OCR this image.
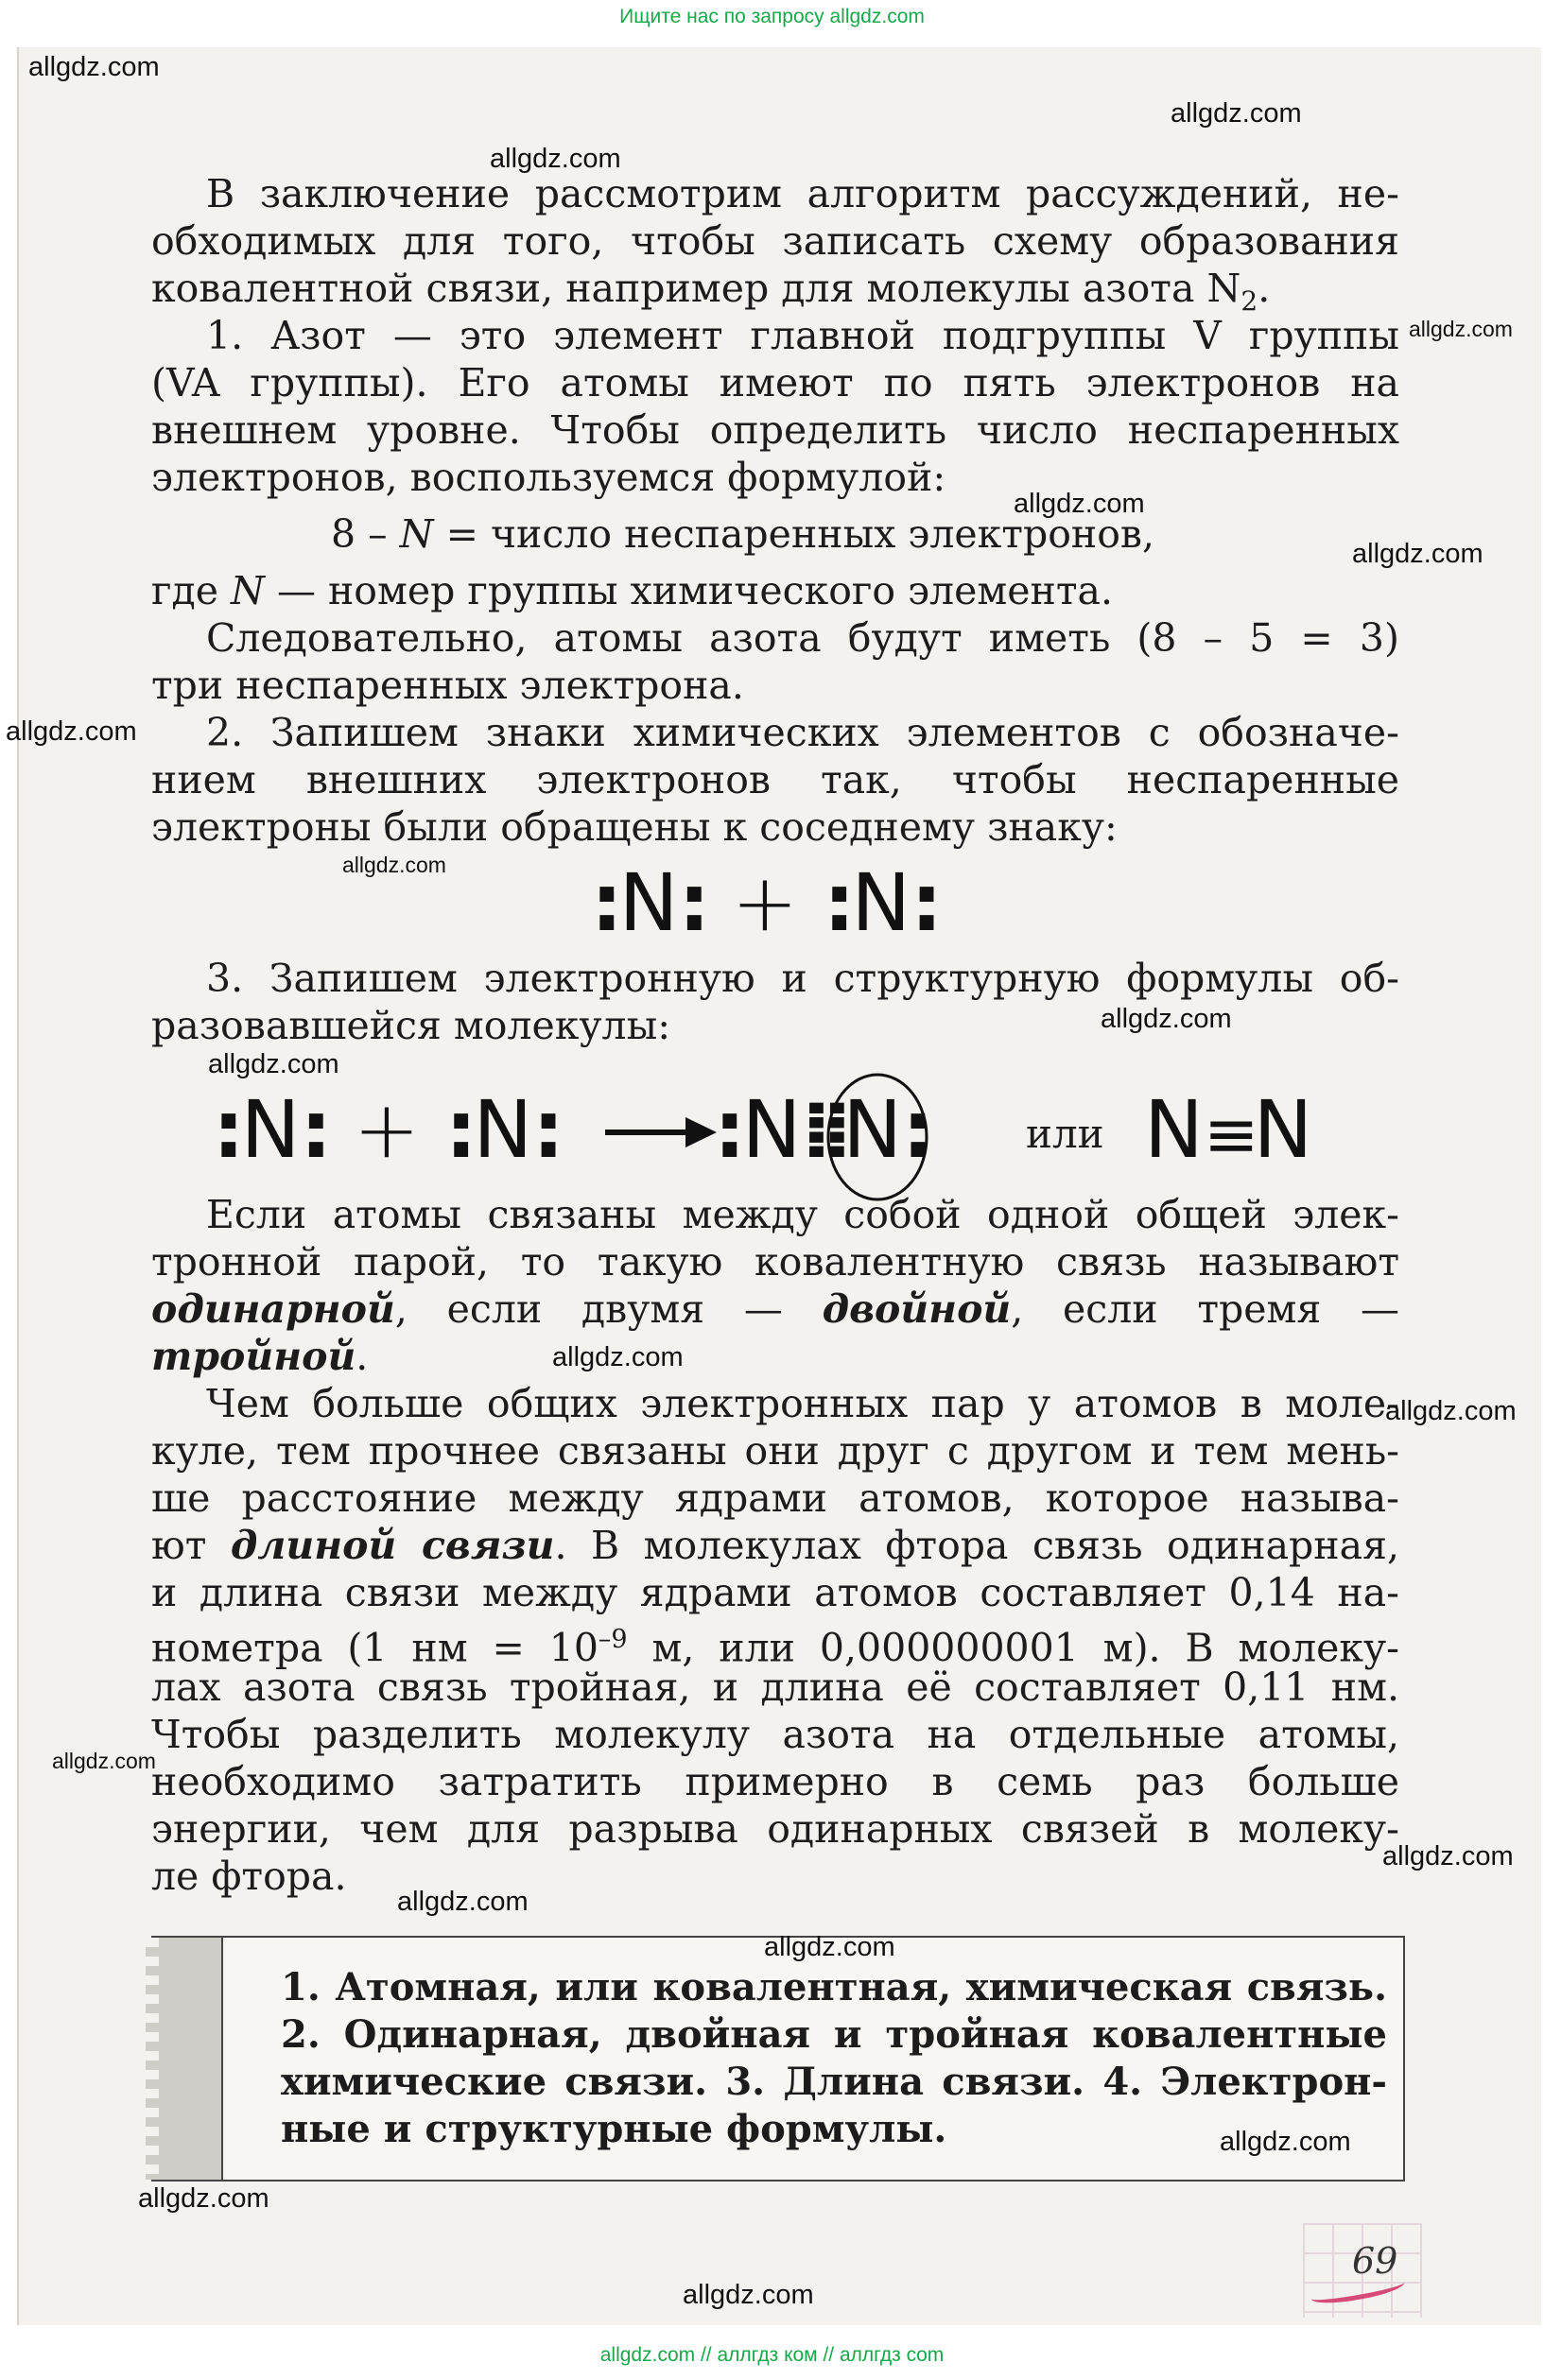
Ищите нас по запросу allgdz.com
В заключение рассмотрим алгоритм рассуждений, не-
обходимых для того, чтобы записать схему образования
ковалентной связи, например для молекулы азота $N_2$.
1. Азот — это элемент главной подгруппы V группы
(VA группы). Его атомы имеют по пять электронов на
внешнем уровне. Чтобы определить число неспаренных
электронов, воспользуемся формулой:
8 – N = число неспаренных электронов,
где N — номер группы химического элемента.
Следовательно, атомы азота будут иметь (8 – 5 = 3)
три неспаренных электрона.
2. Запишем знаки химических элементов с обозначе-
нием внешних электронов так, чтобы неспаренные
электроны были обращены к соседнему знаку:
:N: + :N:
3. Запишем электронную и структурную формулы об-
разовавшейся молекулы:
:N: + :N: :N⁞⁞N: или N≡N
Если атомы связаны между собой одной общей элек-
тронной парой, то такую ковалентную связь называют
одинарной, если двумя — двойной, если тремя —
тройной.
Чем больше общих электронных пар у атомов в моле-
куле, тем прочнее связаны они друг с другом и тем мень-
ше расстояние между ядрами атомов, которое называ-
ют длиной связи. В молекулах фтора связь одинарная,
и длина связи между ядрами атомов составляет 0,14 на-
нометра (1 нм = $10^{-9}$ м, или 0,000000001 м). В молеку-
лах азота связь тройная, и длина её составляет 0,11 нм.
Чтобы разделить молекулу азота на отдельные атомы,
необходимо затратить примерно в семь раз больше
энергии, чем для разрыва одинарных связей в молеку-
ле фтора.
1. Атомная, или ковалентная, химическая связь.
2. Одинарная, двойная и тройная ковалентные
химические связи. 3. Длина связи. 4. Электрон-
ные и структурные формулы.
69
allgdz.com
allgdz.com
allgdz.com
allgdz.com
allgdz.com
allgdz.com
allgdz.com
allgdz.com
allgdz.com
allgdz.com
allgdz.com
allgdz.com
allgdz.com
allgdz.com
allgdz.com
allgdz.com
allgdz.com
allgdz.com
allgdz.com
allgdz.com // аллгдз ком // аллгдз com
